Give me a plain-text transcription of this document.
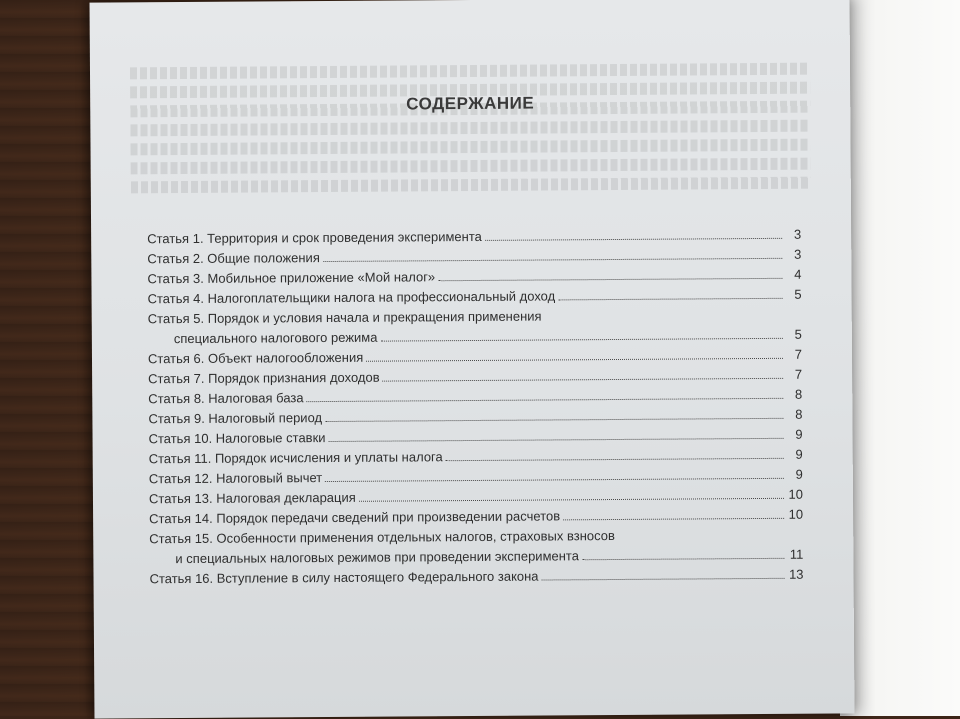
СОДЕРЖАНИЕ
Статья 1. Территория и срок проведения эксперимента	3
Статья 2. Общие положения	3
Статья 3. Мобильное приложение «Мой налог»	4
Статья 4. Налогоплательщики налога на профессиональный доход	5
Статья 5. Порядок и условия начала и прекращения применения
специального налогового режима	5
Статья 6. Объект налогообложения	7
Статья 7. Порядок признания доходов	7
Статья 8. Налоговая база	8
Статья 9. Налоговый период	8
Статья 10. Налоговые ставки	9
Статья 11. Порядок исчисления и уплаты налога	9
Статья 12. Налоговый вычет	9
Статья 13. Налоговая декларация	10
Статья 14. Порядок передачи сведений при произведении расчетов	10
Статья 15. Особенности применения отдельных налогов, страховых взносов
и специальных налоговых режимов при проведении эксперимента	11
Статья 16. Вступление в силу настоящего Федерального закона	13
